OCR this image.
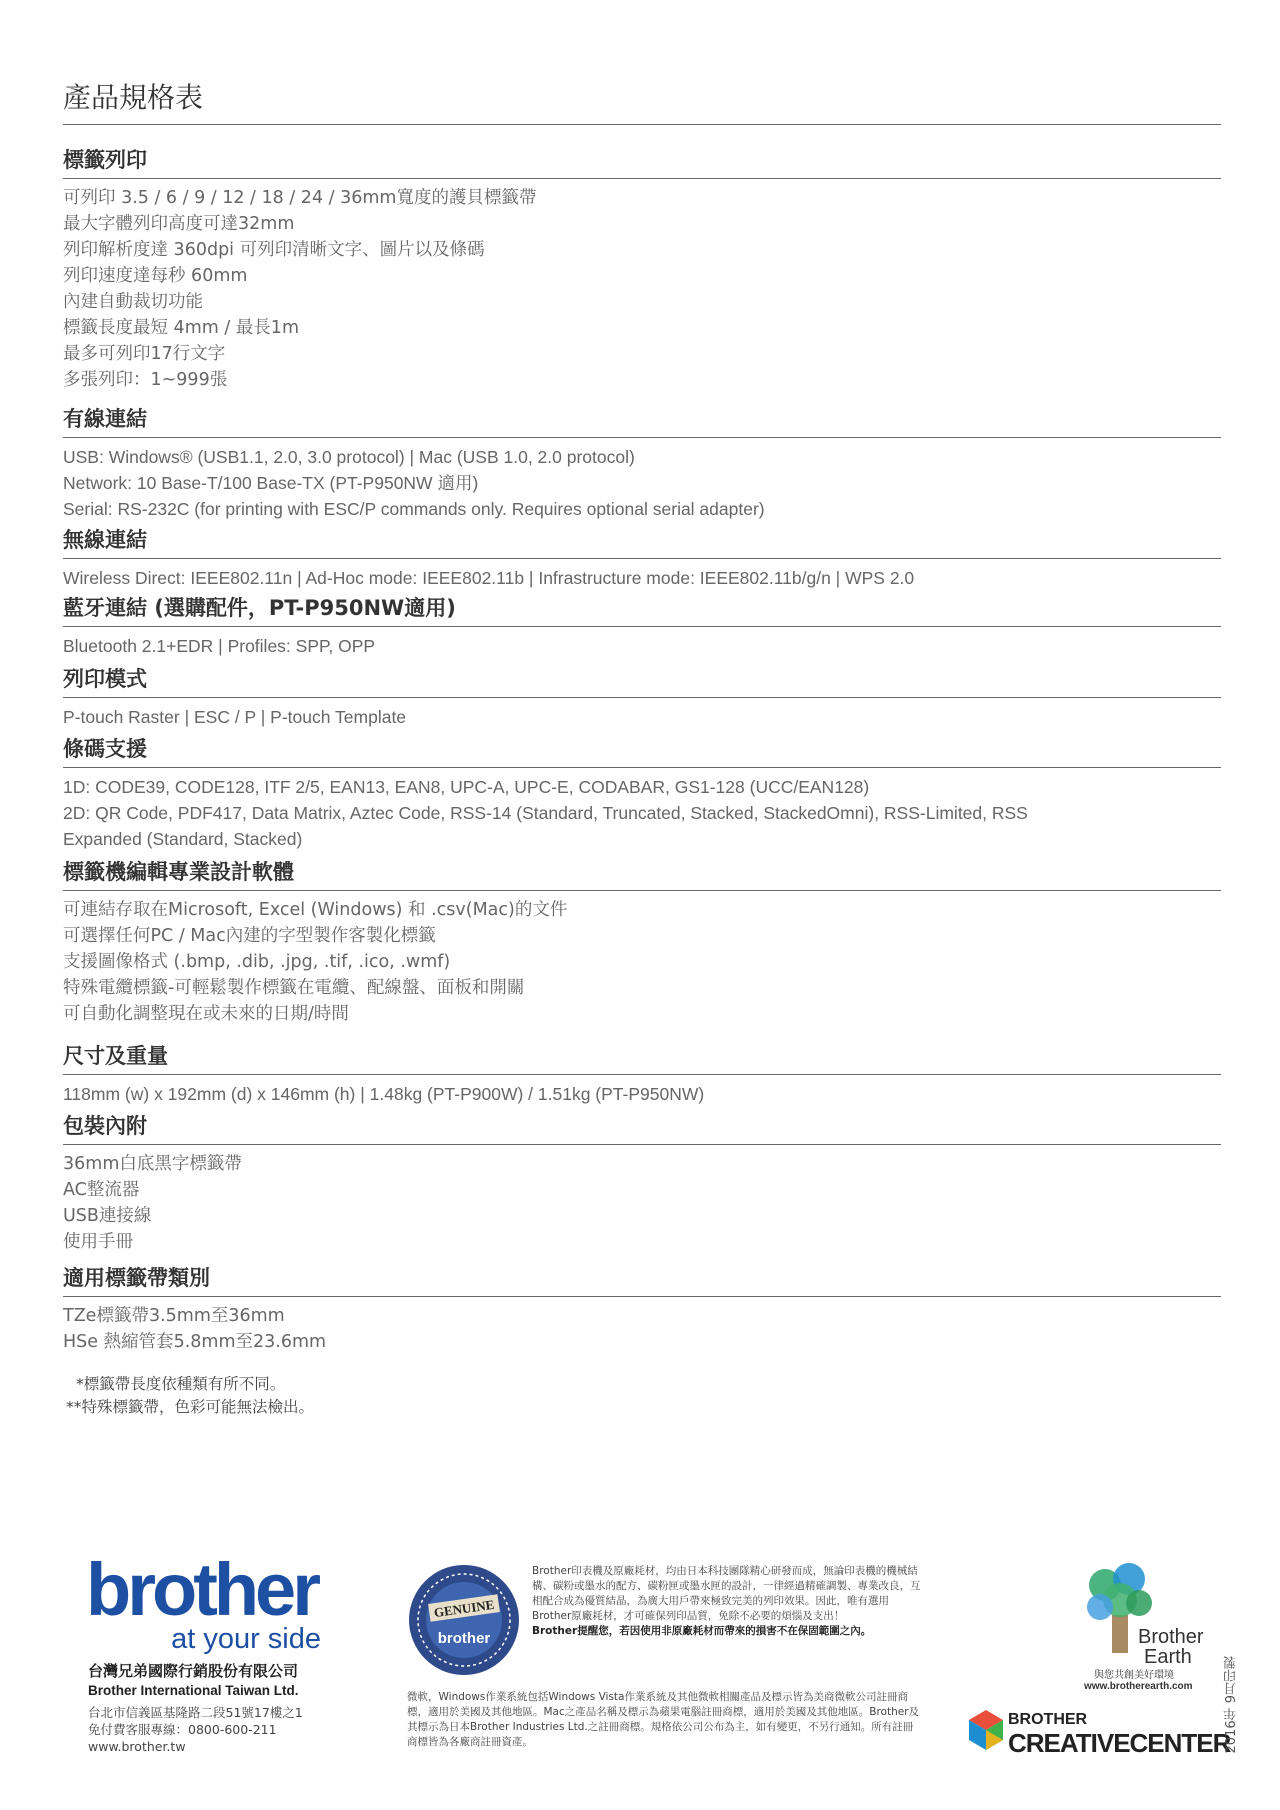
產品規格表
標籤列印
可列印 3.5 / 6 / 9 / 12 / 18 / 24 / 36mm寬度的護貝標籤帶
最大字體列印高度可達32mm
列印解析度達 360dpi 可列印清晰文字、圖片以及條碼
列印速度達每秒 60mm
內建自動裁切功能
標籤長度最短 4mm / 最長1m
最多可列印17行文字
多張列印：1~999張
有線連結
USB: Windows® (USB1.1, 2.0, 3.0 protocol) | Mac (USB 1.0, 2.0 protocol)
Network: 10 Base-T/100 Base-TX (PT-P950NW 適用)
Serial: RS-232C (for printing with ESC/P commands only. Requires optional serial adapter)
無線連結
Wireless Direct: IEEE802.11n | Ad-Hoc mode: IEEE802.11b | Infrastructure mode: IEEE802.11b/g/n | WPS 2.0
藍牙連結 (選購配件，PT-P950NW適用)
Bluetooth 2.1+EDR | Profiles: SPP, OPP
列印模式
P-touch Raster | ESC / P | P-touch Template
條碼支援
1D: CODE39, CODE128, ITF 2/5, EAN13, EAN8, UPC-A, UPC-E, CODABAR, GS1-128 (UCC/EAN128)
2D: QR Code, PDF417, Data Matrix, Aztec Code, RSS-14 (Standard, Truncated, Stacked, StackedOmni), RSS-Limited, RSS
Expanded (Standard, Stacked)
標籤機編輯專業設計軟體
可連結存取在Microsoft, Excel (Windows) 和 .csv(Mac)的文件
可選擇任何PC / Mac內建的字型製作客製化標籤
支援圖像格式 (.bmp, .dib, .jpg, .tif, .ico, .wmf)
特殊電纜標籤-可輕鬆製作標籤在電纜、配線盤、面板和開關
可自動化調整現在或未來的日期/時間
尺寸及重量
118mm (w) x 192mm (d) x 146mm (h) | 1.48kg (PT-P900W) / 1.51kg (PT-P950NW)
包裝內附
36mm白底黑字標籤帶
AC整流器
USB連接線
使用手冊
適用標籤帶類別
TZe標籤帶3.5mm至36mm
HSe 熱縮管套5.8mm至23.6mm
*標籤帶長度依種類有所不同。
**特殊標籤帶，色彩可能無法檢出。
brother
at your side
台灣兄弟國際行銷股份有限公司
Brother International Taiwan Ltd.
台北市信義區基隆路二段51號17樓之1
免付費客服專線：0800-600-211
www.brother.tw
GENUINE
brother
Brother印表機及原廠耗材，均由日本科技團隊精心研發而成，無論印表機的機械結構、碳粉或墨水的配方、碳粉匣或墨水匣的設計，一律經過精確調製、專業改良，互相配合成為優質結晶，為廣大用戶帶來極致完美的列印效果。因此，唯有選用Brother原廠耗材，才可確保列印品質，免除不必要的煩惱及支出！
Brother提醒您，若因使用非原廠耗材而帶來的損害不在保固範圍之內。
微軟，Windows作業系統包括Windows Vista作業系統及其他微軟相關產品及標示皆為美商微軟公司註冊商標，適用於美國及其他地區。Mac之產品名稱及標示為蘋果電腦註冊商標，適用於美國及其他地區。Brother及其標示為日本Brother Industries Ltd.之註冊商標。規格依公司公布為主，如有變更，不另行通知。所有註冊商標皆為各廠商註冊資產。
Brother
Earth
與您共創美好環境
www.brotherearth.com
BROTHER
CREATIVECENTER
2016年 9月印製
